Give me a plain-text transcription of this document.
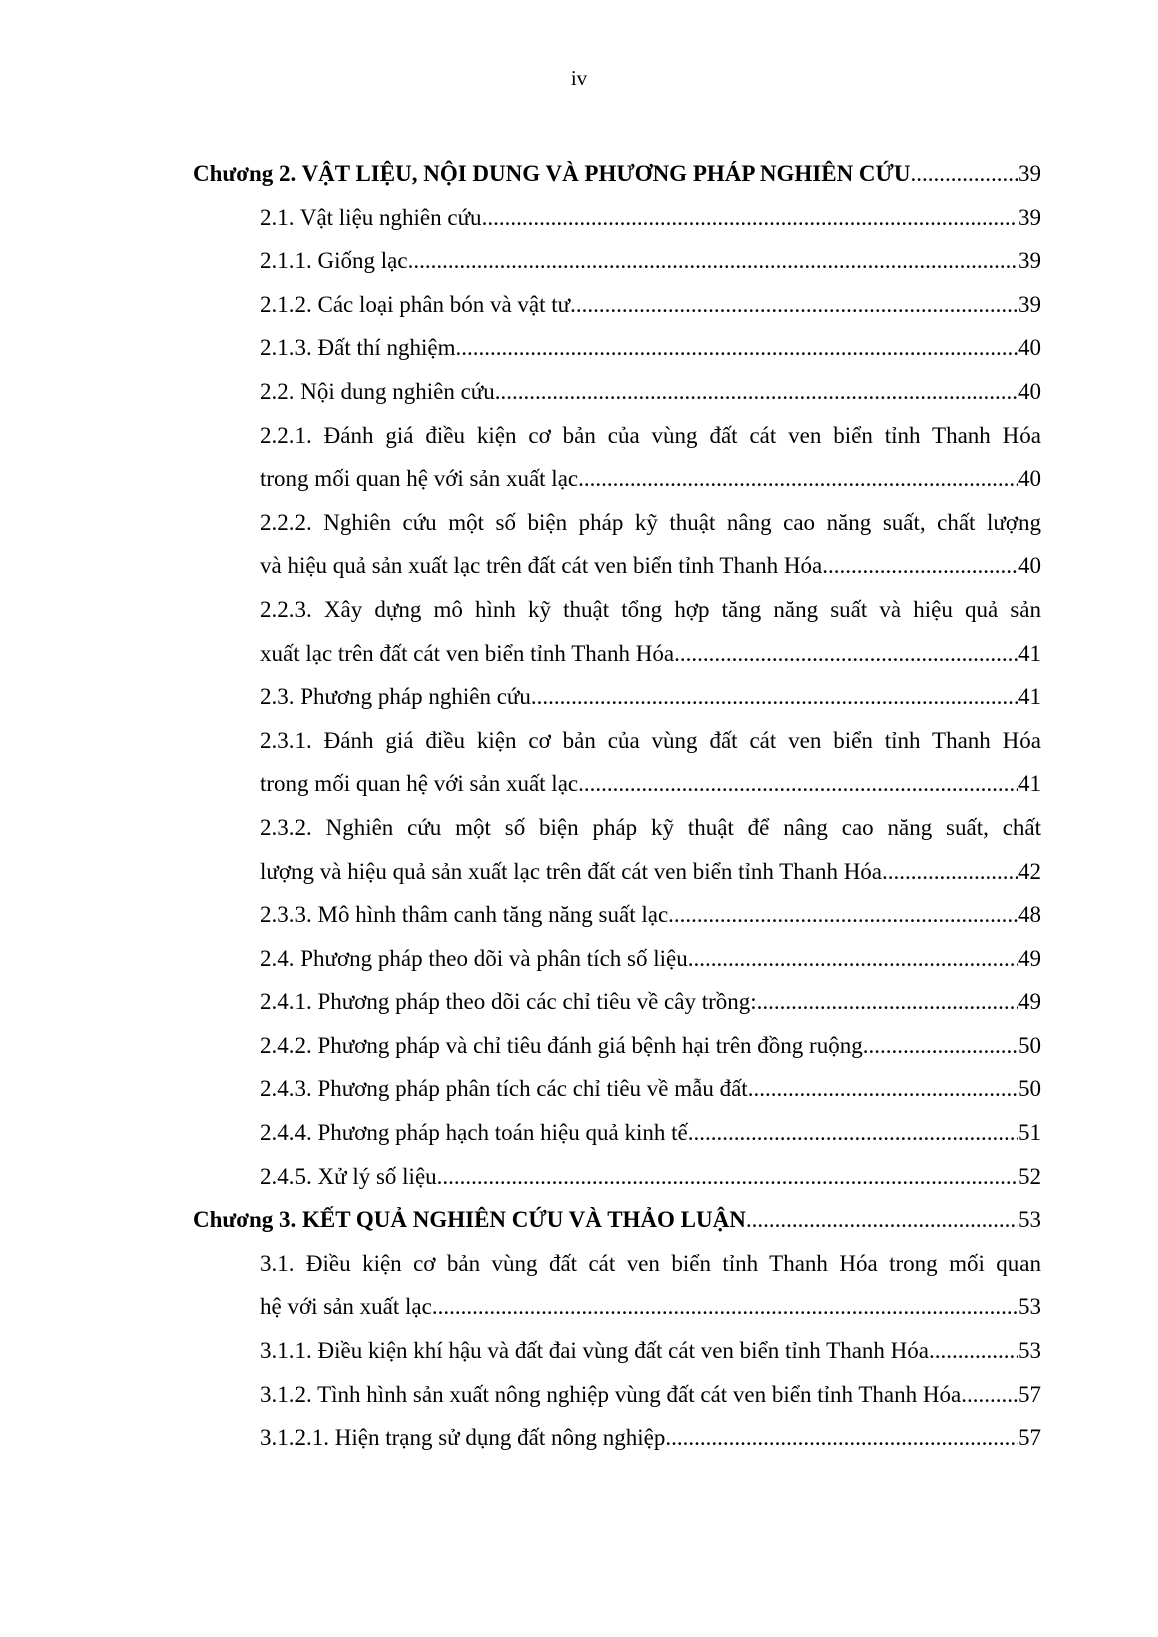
iv
Chương 2. VẬT LIỆU, NỘI DUNG VÀ PHƯƠNG PHÁP NGHIÊN CỨU .....	39
2.1. Vật liệu nghiên cứu .....	39
2.1.1. Giống lạc .....	39
2.1.2. Các loại phân bón và vật tư .....	39
2.1.3. Đất thí nghiệm .....	40
2.2. Nội dung nghiên cứu .....	40
2.2.1. Đánh giá điều kiện cơ bản của vùng đất cát ven biển tỉnh Thanh Hóa
trong mối quan hệ với sản xuất lạc .....	40
2.2.2. Nghiên cứu một số biện pháp kỹ thuật nâng cao năng suất, chất lượng
và hiệu quả sản xuất lạc trên đất cát ven biển tỉnh Thanh Hóa .....	40
2.2.3. Xây dựng mô hình kỹ thuật tổng hợp tăng năng suất và hiệu quả sản
xuất lạc trên đất cát ven biển tỉnh Thanh Hóa. .....	41
2.3. Phương pháp nghiên cứu .....	41
2.3.1. Đánh giá điều kiện cơ bản của vùng đất cát ven biển tỉnh Thanh Hóa
trong mối quan hệ với sản xuất lạc .....	41
2.3.2. Nghiên cứu một số biện pháp kỹ thuật để nâng cao năng suất, chất
lượng và hiệu quả sản xuất lạc trên đất cát ven biển tỉnh Thanh Hóa .....	42
2.3.3. Mô hình thâm canh tăng năng suất lạc .....	48
2.4. Phương pháp theo dõi và phân tích số liệu .....	49
2.4.1. Phương pháp theo dõi các chỉ tiêu về cây trồng: .....	49
2.4.2. Phương pháp và chỉ tiêu đánh giá bệnh hại trên đồng ruộng .....	50
2.4.3. Phương pháp phân tích các chỉ tiêu về mẫu đất .....	50
2.4.4. Phương pháp hạch toán hiệu quả kinh tế .....	51
2.4.5. Xử lý số liệu .....	52
Chương 3. KẾT QUẢ NGHIÊN CỨU VÀ THẢO LUẬN .....	53
3.1. Điều kiện cơ bản vùng đất cát ven biển tỉnh Thanh Hóa trong mối quan
hệ với sản xuất lạc .....	53
3.1.1. Điều kiện khí hậu và đất đai vùng đất cát ven biển tỉnh Thanh Hóa .....	53
3.1.2. Tình hình sản xuất nông nghiệp vùng đất cát ven biển tỉnh Thanh Hóa ..... 57
3.1.2.1. Hiện trạng sử dụng đất nông nghiệp .....	57
